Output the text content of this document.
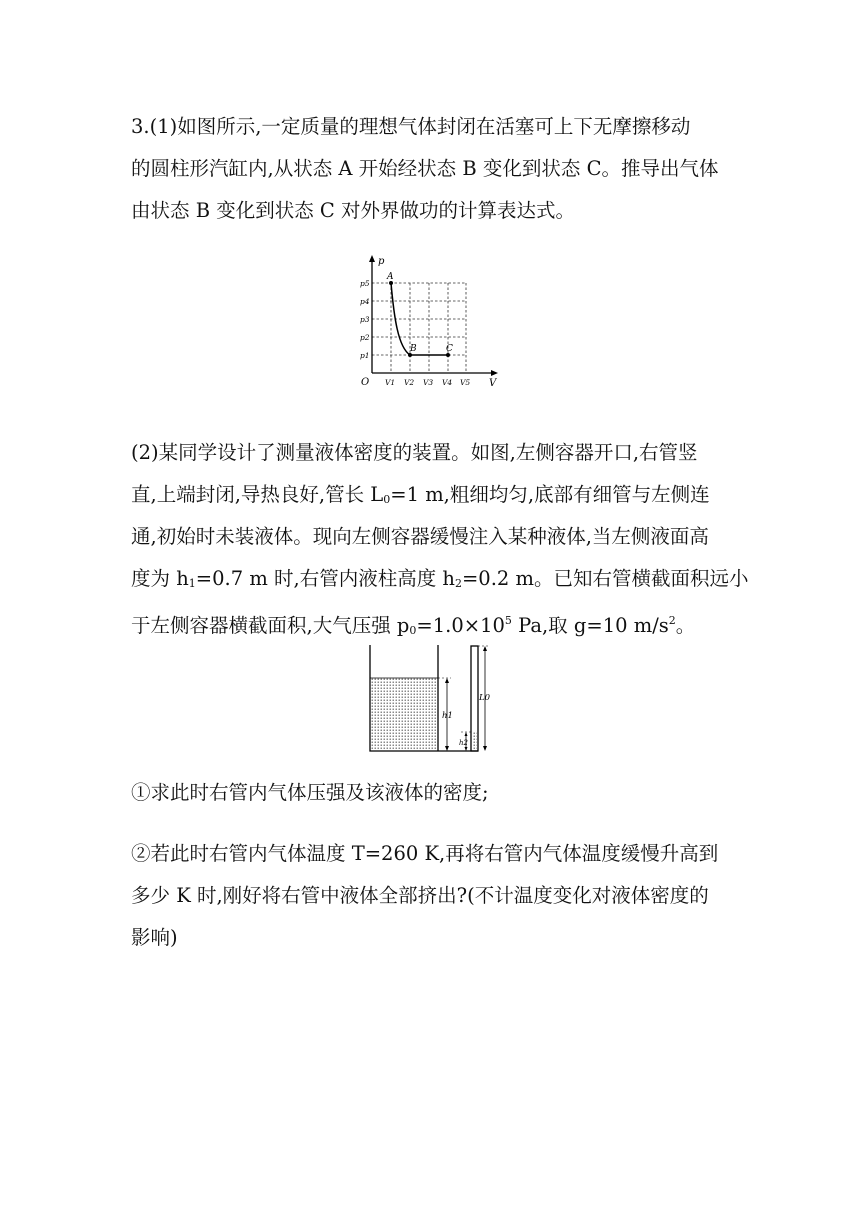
3.(1)如图所示,一定质量的理想气体封闭在活塞可上下无摩擦移动
的圆柱形汽缸内,从状态 A 开始经状态 B 变化到状态 C。推导出气体
由状态 B 变化到状态 C 对外界做功的计算表达式。
p
V
O
p5
p4
p3
p2
p1
V1 V2 V3 V4 V5
A
B	C
(2)某同学设计了测量液体密度的装置。如图,左侧容器开口,右管竖
直,上端封闭,导热良好,管长 $L_0=1$ m,粗细均匀,底部有细管与左侧连
通,初始时未装液体。现向左侧容器缓慢注入某种液体,当左侧液面高
度为 $h_1=0.7$ m 时,右管内液柱高度 $h_2=0.2$ m。已知右管横截面积远小
于左侧容器横截面积,大气压强 $p_0=1.0\times 10^5$ Pa,取 g=10 $m/s^2$。
h1
h2
L0
①求此时右管内气体压强及该液体的密度;
②若此时右管内气体温度 T=260 K,再将右管内气体温度缓慢升高到
多少 K 时,刚好将右管中液体全部挤出?(不计温度变化对液体密度的
影响)
